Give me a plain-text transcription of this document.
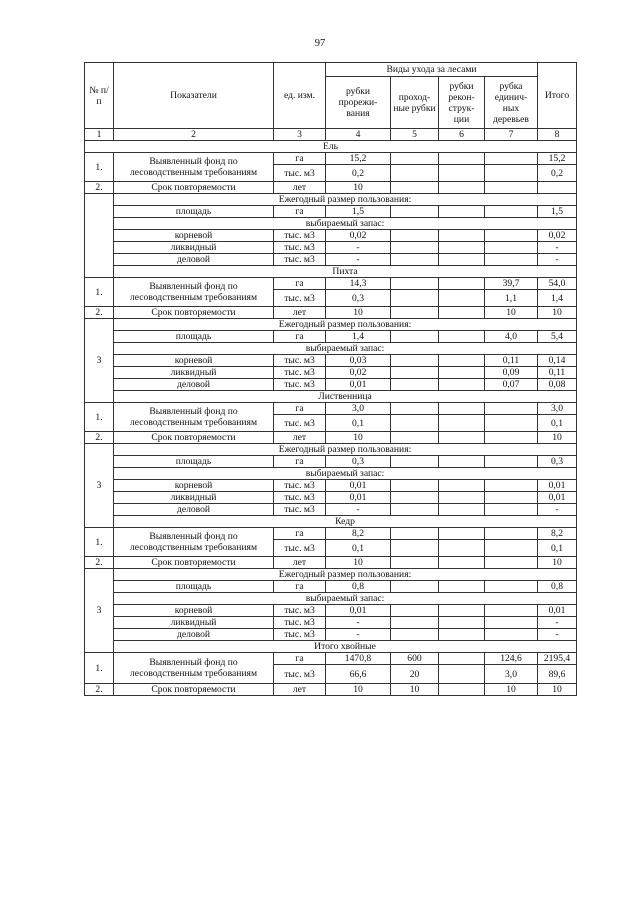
97
№ п/п	Показатели	ед. изм.	Виды ухода за лесами				Итого
			рубки прорежи-вания	проход-ные рубки	рубки рекон-струк-ции	рубка единич-ных деревьев	
1	2	3	4	5	6	7	8
Ель							
1.	Выявленный фонд по лесоводственным требованиям	га	15,2				15,2
		тыс. м3	0,2				0,2
2.	Срок повторяемости	лет	10				
	Ежегодный размер пользования:						
	площадь	га	1,5				1,5
	выбираемый запас:						
	корневой	тыс. м3	0,02				0,02
	ликвидный	тыс. м3	-				-
	деловой	тыс. м3	-				-
	Пихта						
1.	Выявленный фонд по лесоводственным требованиям	га	14,3			39,7	54,0
		тыс. м3	0,3			1,1	1,4
2.	Срок повторяемости	лет	10			10	10
3	Ежегодный размер пользования:						
	площадь	га	1,4			4,0	5,4
	выбираемый запас:						
	корневой	тыс. м3	0,03			0,11	0,14
	ликвидный	тыс. м3	0,02			0,09	0,11
	деловой	тыс. м3	0,01			0,07	0,08
	Лиственница						
1.	Выявленный фонд по лесоводственным требованиям	га	3,0				3,0
		тыс. м3	0,1				0,1
2.	Срок повторяемости	лет	10				10
3	Ежегодный размер пользования:						
	площадь	га	0,3				0,3
	выбираемый запас:						
	корневой	тыс. м3	0,01				0,01
	ликвидный	тыс. м3	0,01				0,01
	деловой	тыс. м3	-				-
	Кедр						
1.	Выявленный фонд по лесоводственным требованиям	га	8,2				8,2
		тыс. м3	0,1				0,1
2.	Срок повторяемости	лет	10				10
3	Ежегодный размер пользования:						
	площадь	га	0,8				0,8
	выбираемый запас:						
	корневой	тыс. м3	0,01				0,01
	ликвидный	тыс. м3	-				-
	деловой	тыс. м3	-				-
	Итого хвойные						
1.	Выявленный фонд по лесоводственным требованиям	га	1470,8	600		124,6	2195,4
		тыс. м3	66,6	20		3,0	89,6
2.	Срок повторяемости	лет	10	10		10	10
